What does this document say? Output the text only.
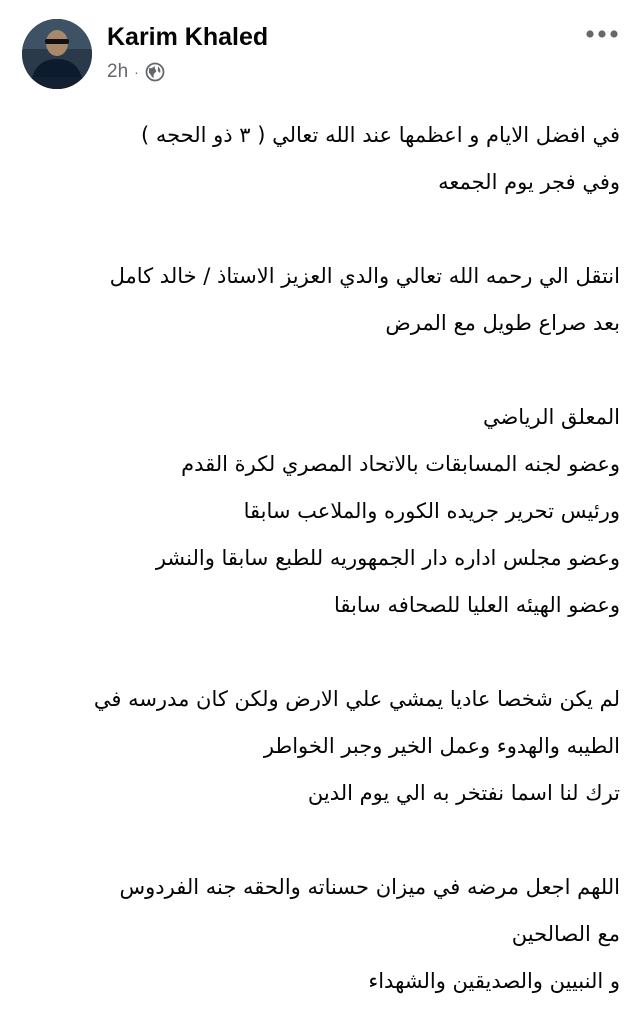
Karim Khaled
2h ·
في افضل الايام و اعظمها عند الله تعالي ( ٣ ذو الحجه )
وفي فجر يوم الجمعه
انتقل الي رحمه الله تعالي والدي العزيز الاستاذ / خالد كامل
بعد صراع طويل مع المرض
المعلق الرياضي
وعضو لجنه المسابقات بالاتحاد المصري لكرة القدم
ورئيس تحرير جريده الكوره والملاعب سابقا
وعضو مجلس اداره دار الجمهوريه للطبع سابقا والنشر
وعضو الهيئه العليا للصحافه سابقا
لم يكن شخصا عاديا يمشي علي الارض ولكن كان مدرسه في
الطيبه والهدوء وعمل الخير وجبر الخواطر
ترك لنا اسما نفتخر به الي يوم الدين
اللهم اجعل مرضه في ميزان حسناته والحقه جنه الفردوس
مع الصالحين
و النبيين والصديقين والشهداء
